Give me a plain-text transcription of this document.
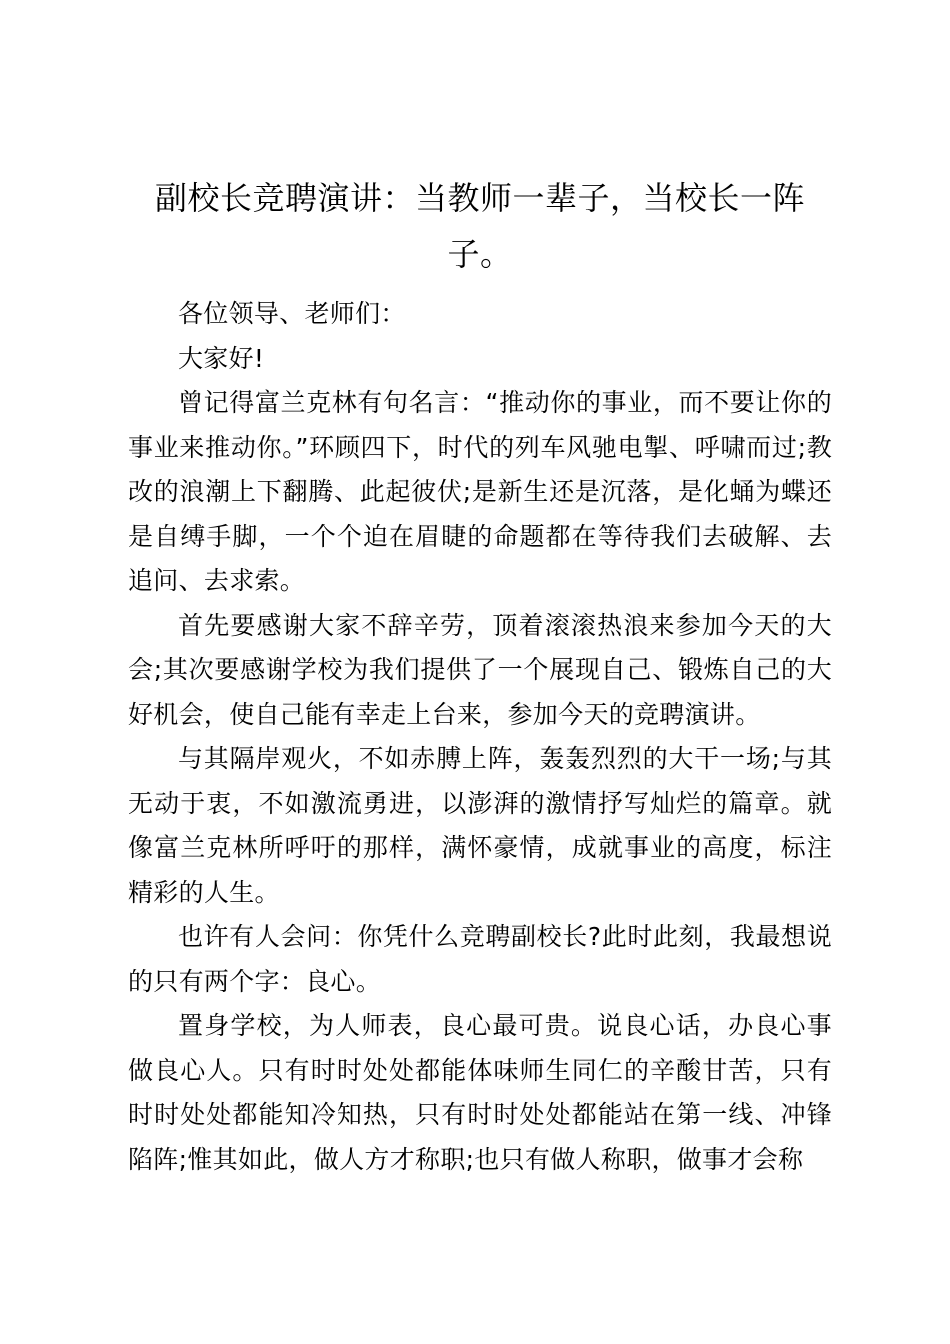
副校长竞聘演讲：当教师一辈子，当校长一阵子。

各位领导、老师们：

大家好!

曾记得富兰克林有句名言：“推动你的事业，而不要让你的事业来推动你。”环顾四下，时代的列车风驰电掣、呼啸而过;教改的浪潮上下翻腾、此起彼伏;是新生还是沉落，是化蛹为蝶还是自缚手脚，一个个迫在眉睫的命题都在等待我们去破解、去追问、去求索。

首先要感谢大家不辞辛劳，顶着滚滚热浪来参加今天的大会;其次要感谢学校为我们提供了一个展现自己、锻炼自己的大好机会，使自己能有幸走上台来，参加今天的竞聘演讲。

与其隔岸观火，不如赤膊上阵，轰轰烈烈的大干一场;与其无动于衷，不如激流勇进，以澎湃的激情抒写灿烂的篇章。就像富兰克林所呼吁的那样，满怀豪情，成就事业的高度，标注精彩的人生。

也许有人会问：你凭什么竞聘副校长?此时此刻，我最想说的只有两个字：良心。

置身学校，为人师表，良心最可贵。说良心话，办良心事做良心人。只有时时处处都能体味师生同仁的辛酸甘苦，只有时时处处都能知冷知热，只有时时处处都能站在第一线、冲锋陷阵;惟其如此，做人方才称职;也只有做人称职，做事才会称
